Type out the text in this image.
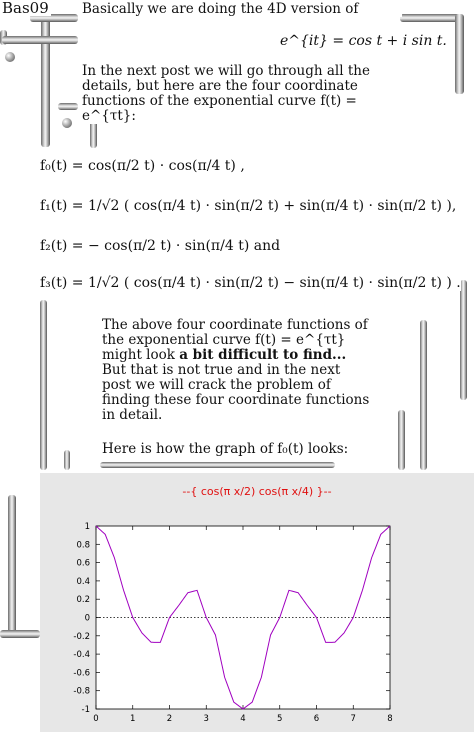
Bas09 Basically we are doing the 4D version of
e^{it} = cos t + i sin t.
In the next post we will go through all the details, but here are the four coordinate functions of the exponential curve f(t) = e^{τt}:
f₀(t) = cos(π/2 t) · cos(π/4 t) ,
f₁(t) = 1/√2 ( cos(π/4 t) · sin(π/2 t) + sin(π/4 t) · sin(π/2 t) ),
f₂(t) = − cos(π/2 t) · sin(π/4 t) and
f₃(t) = 1/√2 ( cos(π/4 t) · sin(π/2 t) − sin(π/4 t) · sin(π/2 t) ) .
The above four coordinate functions of the exponential curve f(t) = e^{τt} might look a bit difficult to find... But that is not true and in the next post we will crack the problem of finding these four coordinate functions in detail.
Here is how the graph of f₀(t) looks:
--{ cos(π x/2) cos(π x/4) }--
1
0.8
0.6
0.4
0.2
0
-0.2
-0.4
-0.6
-0.8
-1
0	1	2	3	4	5	6	7	8
